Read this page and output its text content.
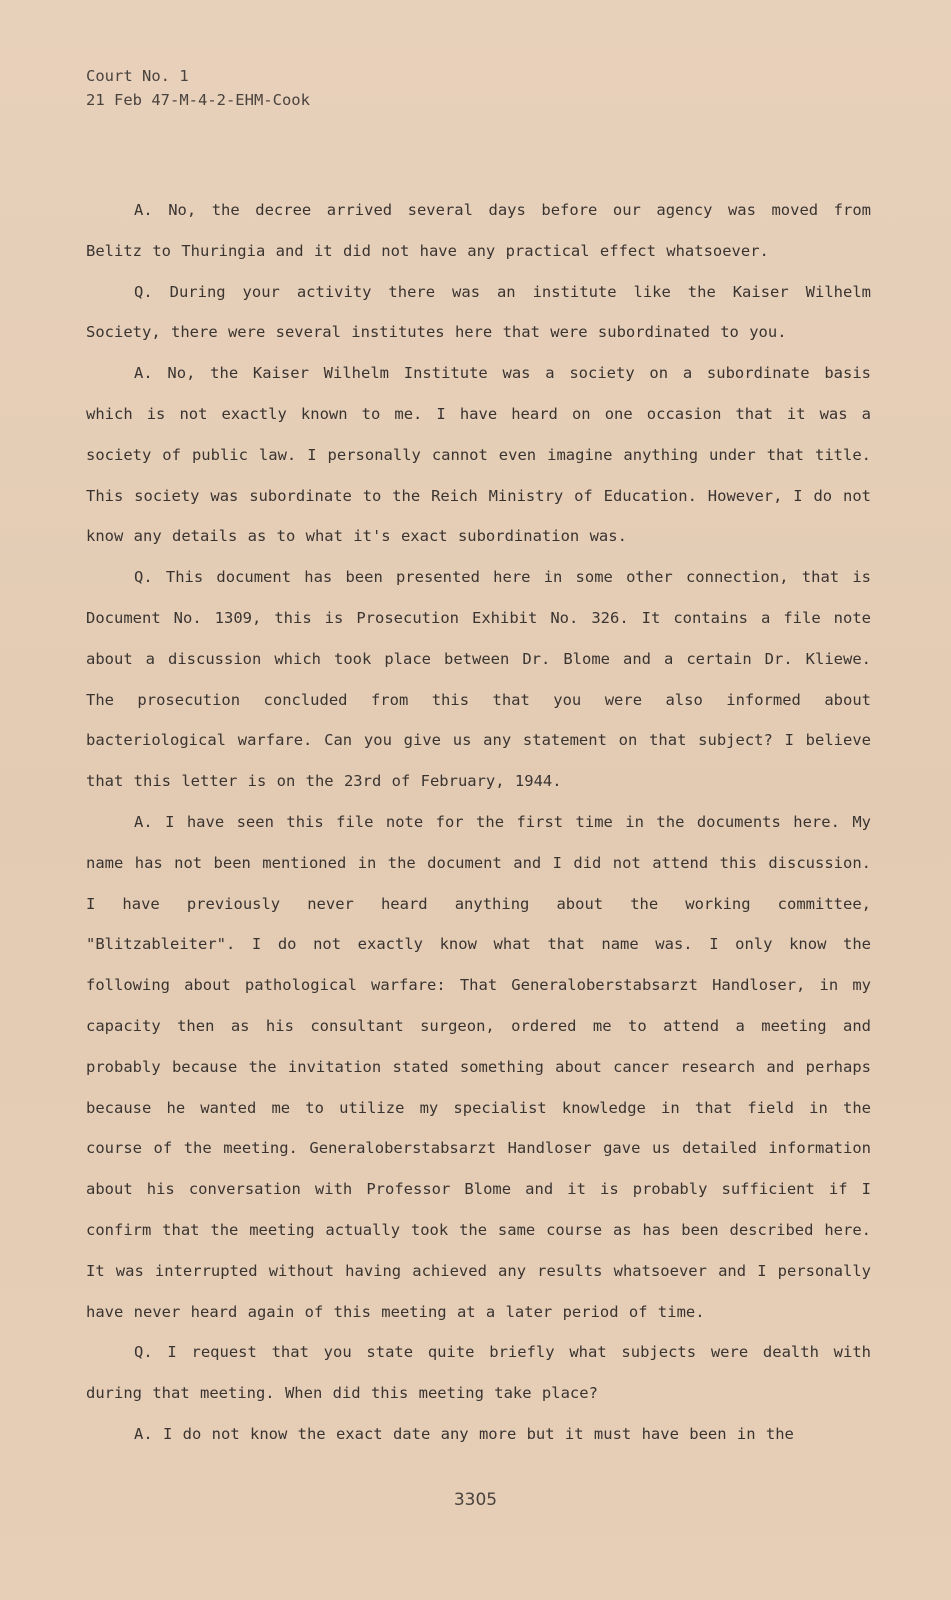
Court No. 1
21 Feb 47-M-4-2-EHM-Cook

A. No, the decree arrived several days before our agency was moved from Belitz to Thuringia and it did not have any practical effect whatsoever.

Q. During your activity there was an institute like the Kaiser Wilhelm Society, there were several institutes here that were subordinated to you.

A. No, the Kaiser Wilhelm Institute was a society on a subordinate basis which is not exactly known to me. I have heard on one occasion that it was a society of public law. I personally cannot even imagine anything under that title. This society was subordinate to the Reich Ministry of Education. However, I do not know any details as to what it's exact subordination was.

Q. This document has been presented here in some other connection, that is Document No. 1309, this is Prosecution Exhibit No. 326. It contains a file note about a discussion which took place between Dr. Blome and a certain Dr. Kliewe. The prosecution concluded from this that you were also informed about bacteriological warfare. Can you give us any statement on that subject? I believe that this letter is on the 23rd of February, 1944.

A. I have seen this file note for the first time in the documents here. My name has not been mentioned in the document and I did not attend this discussion. I have previously never heard anything about the working committee, "Blitzableiter". I do not exactly know what that name was. I only know the following about pathological warfare: That Generaloberstabsarzt Handloser, in my capacity then as his consultant surgeon, ordered me to attend a meeting and probably because the invitation stated something about cancer research and perhaps because he wanted me to utilize my specialist knowledge in that field in the course of the meeting. Generaloberstabsarzt Handloser gave us detailed information about his conversation with Professor Blome and it is probably sufficient if I confirm that the meeting actually took the same course as has been described here. It was interrupted without having achieved any results whatsoever and I personally have never heard again of this meeting at a later period of time.

Q. I request that you state quite briefly what subjects were dealth with during that meeting. When did this meeting take place?

A. I do not know the exact date any more but it must have been in the

3305
